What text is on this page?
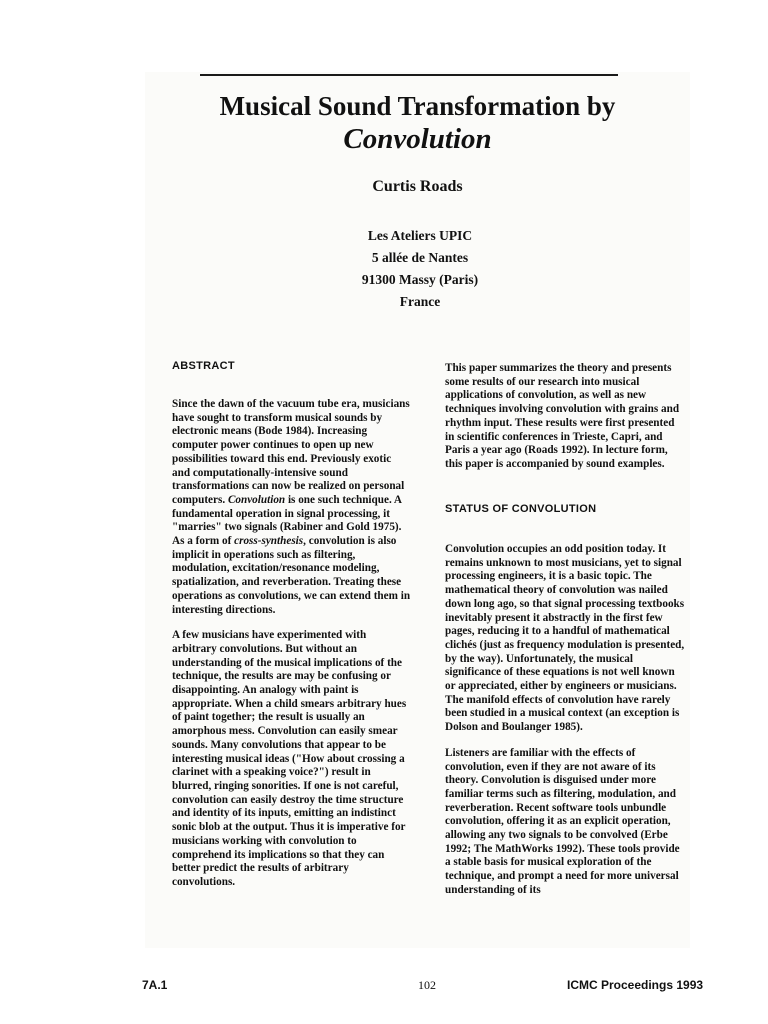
Musical Sound Transformation by
Convolution
Curtis Roads
Les Ateliers UPIC
5 allée de Nantes
91300 Massy (Paris)
France
ABSTRACT

Since the dawn of the vacuum tube era, musicians have sought to transform musical sounds by electronic means (Bode 1984). Increasing computer power continues to open up new possibilities toward this end. Previously exotic and computationally-intensive sound transformations can now be realized on personal computers. Convolution is one such technique. A fundamental operation in signal processing, it "marries" two signals (Rabiner and Gold 1975). As a form of cross-synthesis, convolution is also implicit in operations such as filtering, modulation, excitation/resonance modeling, spatialization, and reverberation. Treating these operations as convolutions, we can extend them in interesting directions.

A few musicians have experimented with arbitrary convolutions. But without an understanding of the musical implications of the technique, the results are may be confusing or disappointing. An analogy with paint is appropriate. When a child smears arbitrary hues of paint together; the result is usually an amorphous mess. Convolution can easily smear sounds. Many convolutions that appear to be interesting musical ideas ("How about crossing a clarinet with a speaking voice?") result in blurred, ringing sonorities. If one is not careful, convolution can easily destroy the time structure and identity of its inputs, emitting an indistinct sonic blob at the output. Thus it is imperative for musicians working with convolution to comprehend its implications so that they can better predict the results of arbitrary convolutions.

This paper summarizes the theory and presents some results of our research into musical applications of convolution, as well as new techniques involving convolution with grains and rhythm input. These results were first presented in scientific conferences in Trieste, Capri, and Paris a year ago (Roads 1992). In lecture form, this paper is accompanied by sound examples.

STATUS OF CONVOLUTION

Convolution occupies an odd position today. It remains unknown to most musicians, yet to signal processing engineers, it is a basic topic. The mathematical theory of convolution was nailed down long ago, so that signal processing textbooks inevitably present it abstractly in the first few pages, reducing it to a handful of mathematical clichés (just as frequency modulation is presented, by the way). Unfortunately, the musical significance of these equations is not well known or appreciated, either by engineers or musicians. The manifold effects of convolution have rarely been studied in a musical context (an exception is Dolson and Boulanger 1985).

Listeners are familiar with the effects of convolution, even if they are not aware of its theory. Convolution is disguised under more familiar terms such as filtering, modulation, and reverberation. Recent software tools unbundle convolution, offering it as an explicit operation, allowing any two signals to be convolved (Erbe 1992; The MathWorks 1992). These tools provide a stable basis for musical exploration of the technique, and prompt a need for more universal understanding of its

7A.1	102	ICMC Proceedings 1993
